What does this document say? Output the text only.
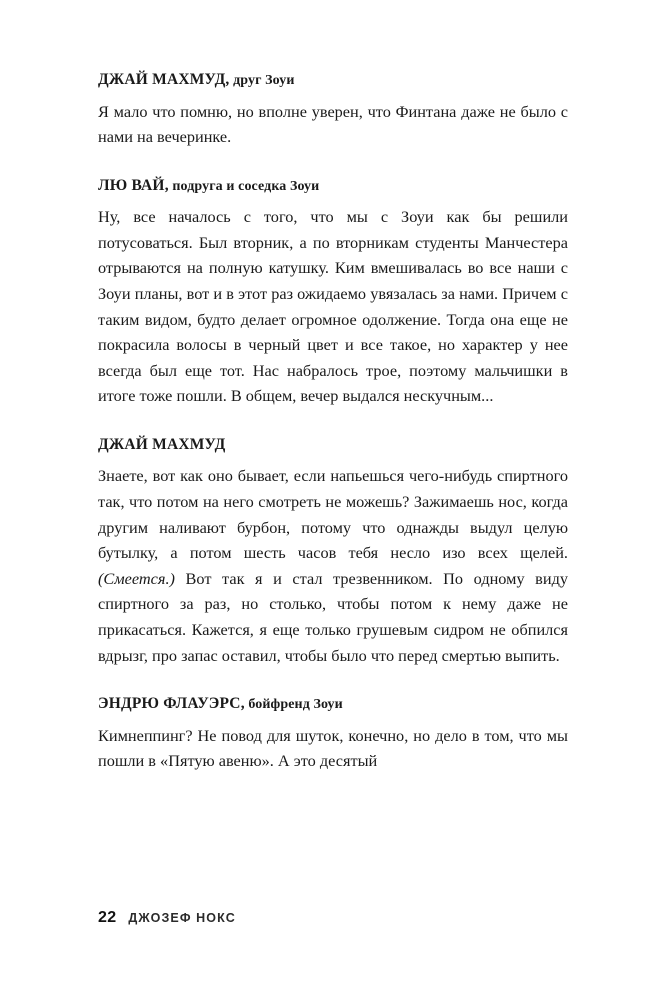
ДЖАЙ МАХМУД, друг Зоуи

Я мало что помню, но вполне уверен, что Финтана даже не было с нами на вечеринке.

ЛЮ ВАЙ, подруга и соседка Зоуи

Ну, все началось с того, что мы с Зоуи как бы решили потусоваться. Был вторник, а по вторникам студенты Манчестера отрываются на полную катушку. Ким вмешивалась во все наши с Зоуи планы, вот и в этот раз ожидаемо увязалась за нами. Причем с таким видом, будто делает огромное одолжение. Тогда она еще не покрасила волосы в черный цвет и все такое, но характер у нее всегда был еще тот. Нас набралось трое, поэтому мальчишки в итоге тоже пошли. В общем, вечер выдался нескучным...

ДЖАЙ МАХМУД

Знаете, вот как оно бывает, если напьешься чего-нибудь спиртного так, что потом на него смотреть не можешь? Зажимаешь нос, когда другим наливают бурбон, потому что однажды выдул целую бутылку, а потом шесть часов тебя несло изо всех щелей. (Смеется.) Вот так я и стал трезвенником. По одному виду спиртного за раз, но столько, чтобы потом к нему даже не прикасаться. Кажется, я еще только грушевым сидром не обпился вдрызг, про запас оставил, чтобы было что перед смертью выпить.

ЭНДРЮ ФЛАУЭРС, бойфренд Зоуи

Кимнеппинг? Не повод для шуток, конечно, но дело в том, что мы пошли в «Пятую авеню». А это десятый

22 ДЖОЗЕФ НОКС
